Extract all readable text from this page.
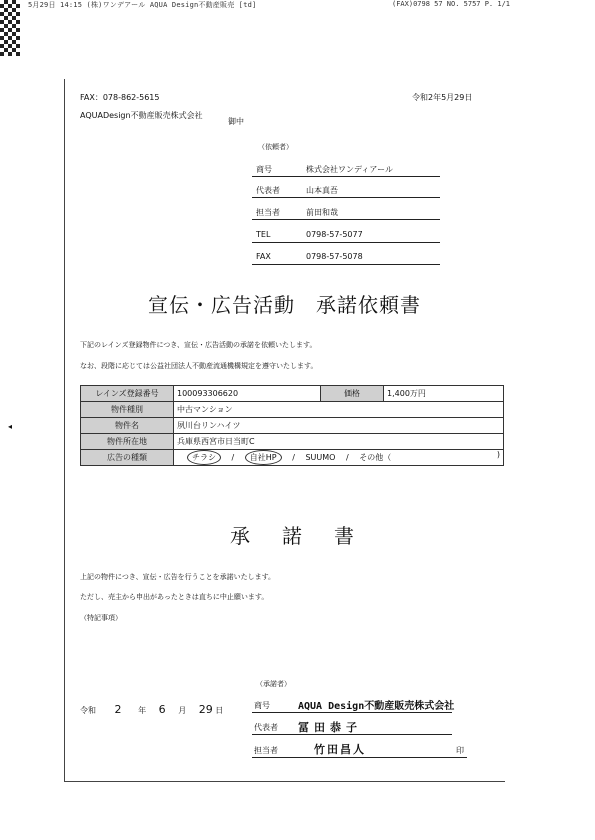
5月29日 14:15 (株)ワンデアール AQUA Design不動産販売 [td]	(FAX)0798 57 NO. 5757 P. 1/1
FAX：078-862-5615
AQUADesign不動産販売株式会社
御中
令和2年5月29日
（依頼者）
商号	株式会社ワンディアール
代表者	山本真吾
担当者	前田和哉
TEL	0798-57-5077
FAX	0798-57-5078
宣伝・広告活動　承諾依頼書
下記のレインズ登録物件につき、宣伝・広告活動の承諾を依頼いたします。
なお、段階に応じては公益社団法人不動産流通機構規定を遵守いたします。
レインズ登録番号	100093306620	価格	1,400万円
物件種別	中古マンション		
物件名	夙川台リンハイツ		
物件所在地	兵庫県西宮市日当町C		
広告の種類	チラシ / 自社HP / SUUMO / その他（ )		
承諾書
上記の物件につき、宣伝・広告を行うことを承諾いたします。
ただし、売主から申出があったときは直ちに中止願います。
（特記事項）
令和 2 年 6 月 29 日
（承諾者）
商号	AQUA Design不動産販売株式会社
代表者 冨田恭子
担当者	竹田昌人	印
◂
